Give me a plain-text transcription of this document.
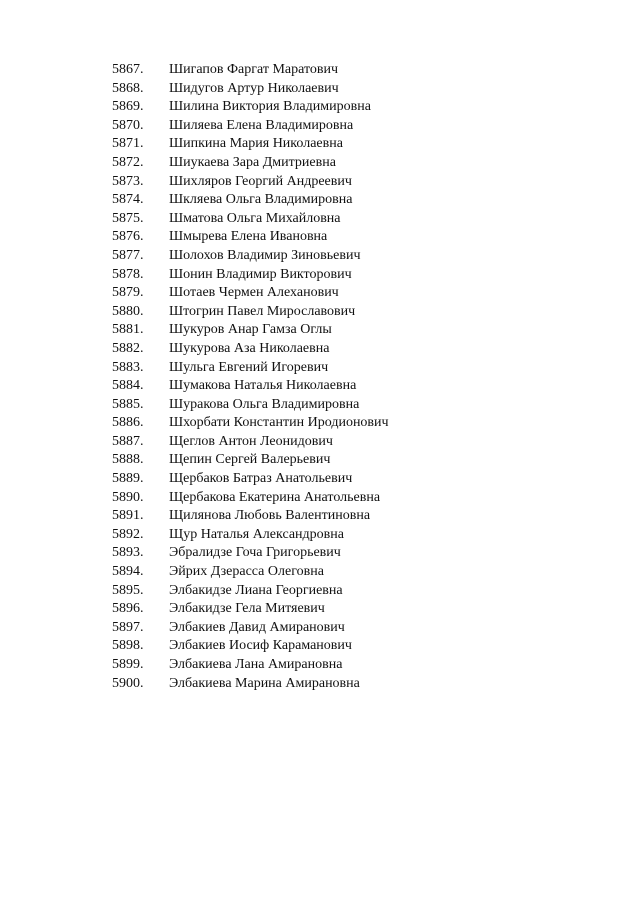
5867.	Шигапов Фаргат Маратович
5868.	Шидугов Артур Николаевич
5869.	Шилина Виктория Владимировна
5870.	Шиляева Елена Владимировна
5871.	Шипкина Мария Николаевна
5872.	Шиукаева Зара Дмитриевна
5873.	Шихляров Георгий Андреевич
5874.	Шкляева Ольга Владимировна
5875.	Шматова Ольга Михайловна
5876.	Шмырева Елена Ивановна
5877.	Шолохов Владимир Зиновьевич
5878.	Шонин Владимир Викторович
5879.	Шотаев Чермен Алеханович
5880.	Штогрин Павел Мирославович
5881.	Шукуров Анар Гамза Оглы
5882.	Шукурова Аза Николаевна
5883.	Шульга Евгений Игоревич
5884.	Шумакова Наталья Николаевна
5885.	Шуракова Ольга Владимировна
5886.	Шхорбати Константин Иродионович
5887.	Щеглов Антон Леонидович
5888.	Щепин Сергей Валерьевич
5889.	Щербаков Батраз Анатольевич
5890.	Щербакова Екатерина Анатольевна
5891.	Щилянова Любовь Валентиновна
5892.	Щур Наталья Александровна
5893.	Эбралидзе Гоча Григорьевич
5894.	Эйрих Дзерасса Олеговна
5895.	Элбакидзе Лиана Георгиевна
5896.	Элбакидзе Гела Митяевич
5897.	Элбакиев Давид Амиранович
5898.	Элбакиев Иосиф Караманович
5899.	Элбакиева Лана Амирановна
5900.	Элбакиева Марина Амирановна
